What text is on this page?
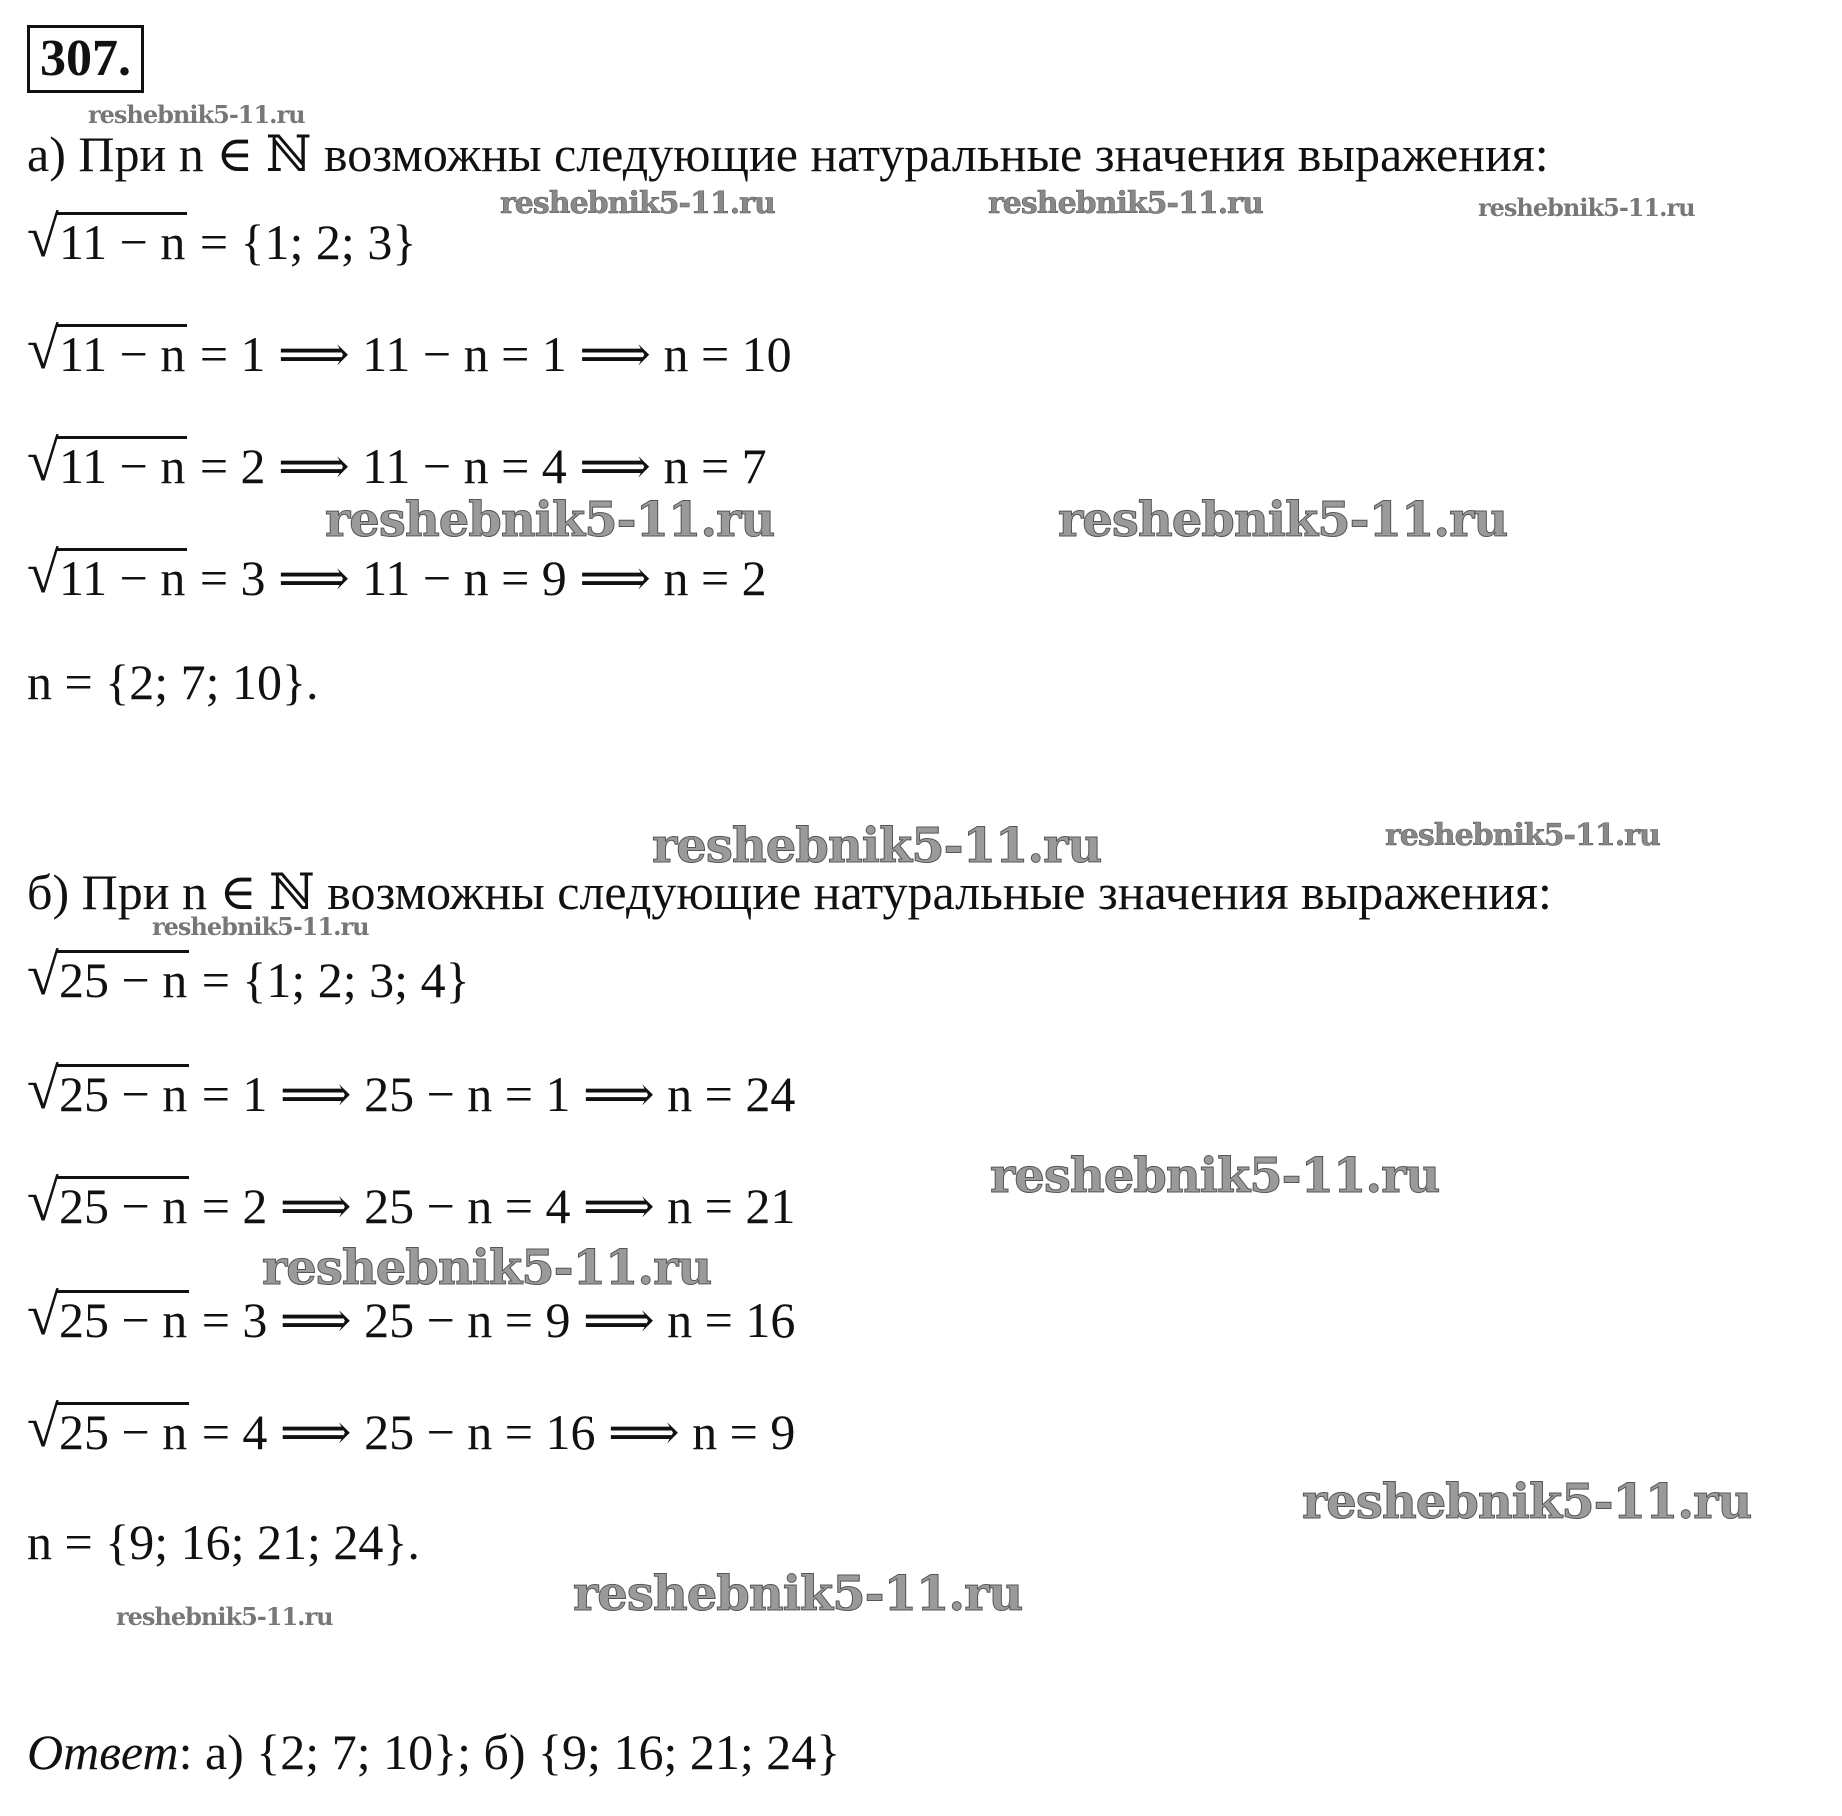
307.
reshebnik5-11.ru
reshebnik5-11.ru	reshebnik5-11.ru	reshebnik5-11.ru
reshebnik5-11.ru	reshebnik5-11.ru
reshebnik5-11.ru	reshebnik5-11.ru
reshebnik5-11.ru
reshebnik5-11.ru
reshebnik5-11.ru
reshebnik5-11.ru
reshebnik5-11.ru
reshebnik5-11.ru
а) При n ∈ ℕ возможны следующие натуральные значения выражения:
√ 11 − n = {1; 2; 3}
√ 11 − n = 1 ⟹ 11 − n = 1 ⟹ n = 10
√ 11 − n = 2 ⟹ 11 − n = 4 ⟹ n = 7
√ 11 − n = 3 ⟹ 11 − n = 9 ⟹ n = 2
n = {2; 7; 10}.
б) При n ∈ ℕ возможны следующие натуральные значения выражения:
√ 25 − n = {1; 2; 3; 4}
√ 25 − n = 1 ⟹ 25 − n = 1 ⟹ n = 24
√ 25 − n = 2 ⟹ 25 − n = 4 ⟹ n = 21
√ 25 − n = 3 ⟹ 25 − n = 9 ⟹ n = 16
√ 25 − n = 4 ⟹ 25 − n = 16 ⟹ n = 9
n = {9; 16; 21; 24}.
Ответ: а) {2; 7; 10}; б) {9; 16; 21; 24}
